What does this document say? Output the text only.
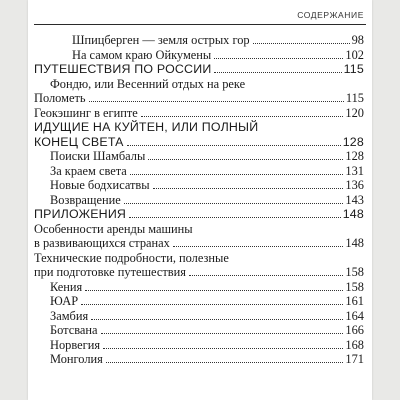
СОДЕРЖАНИЕ
Шпицберген — земля острых гор	98
На самом краю Ойкумены	102
ПУТЕШЕСТВИЯ ПО РОССИИ	115
Фондю, или Весенний отдых на реке
Полометь	115
Геокэшинг в египте	120
ИДУЩИЕ НА КУЙТЕН, ИЛИ ПОЛНЫЙ
КОНЕЦ СВЕТА	128
Поиски Шамбалы	128
За краем света	131
Новые бодхисатвы	136
Возвращение	143
ПРИЛОЖЕНИЯ	148
Особенности аренды машины
в развивающихся странах	148
Технические подробности, полезные
при подготовке путешествия	158
Кения	158
ЮАР	161
Замбия	164
Ботсвана	166
Норвегия	168
Монголия	171
